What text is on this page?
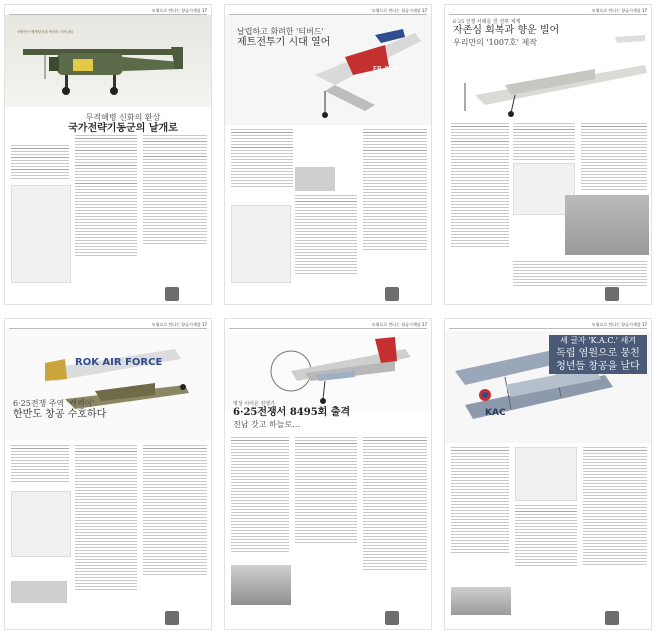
모형으로 만나는 항공기세상 17
서방연구 해병항공대 역사의 시작 (좌)
무적해병 신화의 환상
국가전략기동군의 날개로
모형으로 만나는 항공기세상 17
FB-888
날렵하고 화려한 '티버드'
제트전투기 시대 열어
모형으로 만나는 항공기세상 17
6·25 전쟁 사례를 한 전투 체계
자존심 회복과 향운 빌어
우리만의 '1007호' 제작
모형으로 만나는 항공기세상 17
ROK AIR FORCE
6·25전쟁 주역 '쌕쌕이'
한반도 창공 수호하다
모형으로 만나는 항공기세상 17
명성 이어온 전쟁기
6·25전쟁서 8495회 출격
전남 갓고 하늘로…
모형으로 만나는 항공기세상 17
KAC
세 글자 'K.A.C.' 새겨
독립 염원으로 뭉친 청년들 창공을 날다
